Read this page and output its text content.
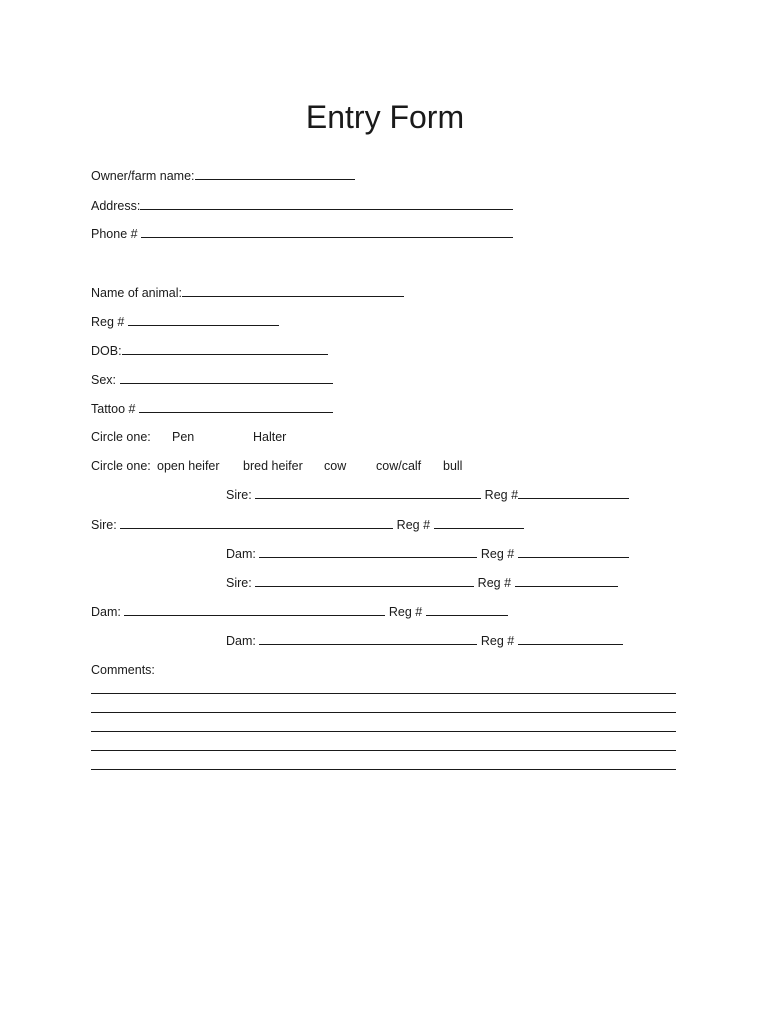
Entry Form
Owner/farm name:
Address:
Phone #
Name of animal:
Reg #
DOB:
Sex:
Tattoo #
Circle one: Pen	Halter
Circle one: open heifer bred heifer cow cow/calf bull
Sire:	Reg #
Sire:	Reg #
Dam:	Reg #
Sire:	Reg #
Dam:	Reg #
Dam:	Reg #
Comments:
